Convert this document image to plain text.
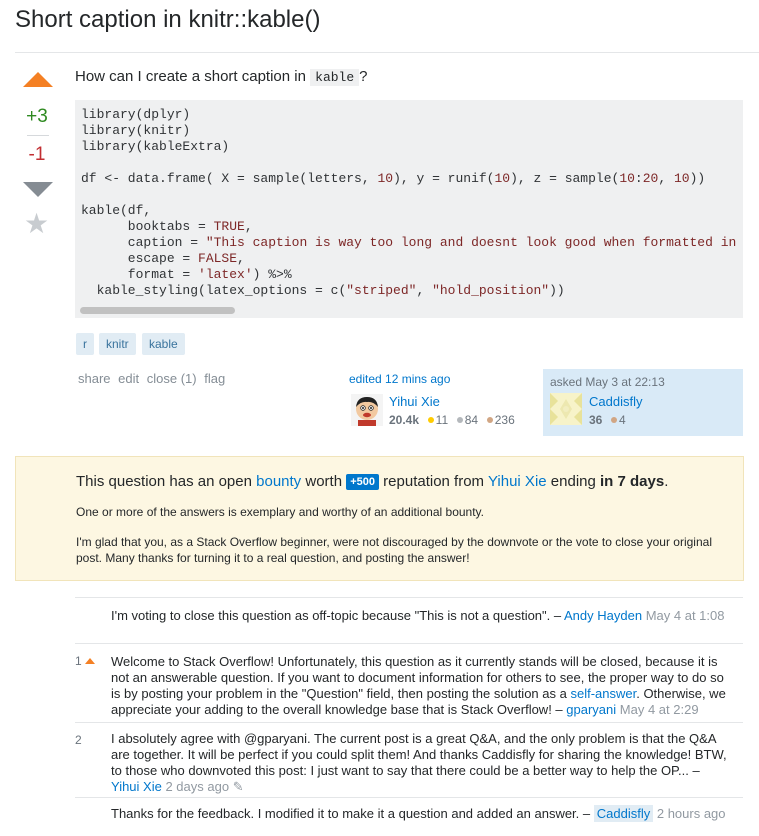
Short caption in knitr::kable()
+3
-1
★
How can I create a short caption in kable ?
library(dplyr)
library(knitr)
library(kableExtra)

df <- data.frame( X = sample(letters, 10), y = runif(10), z = sample(10:20, 10))

kable(df,
booktabs = TRUE,
caption = "This caption is way too long and doesnt look good when formatted in
escape = FALSE,
format = 'latex') %>%
kable_styling(latex_options = c("striped", "hold_position"))
r	knitr	kable
share edit close (1) flag	edited 12 mins ago
Yihui Xie
20.4k 11 84 236
asked May 3 at 22:13
Caddisfly
36 4
This question has an open bounty worth +500 reputation from Yihui Xie ending in 7 days.
One or more of the answers is exemplary and worthy of an additional bounty.
I'm glad that you, as a Stack Overflow beginner, were not discouraged by the downvote or the vote to close your original post. Many thanks for turning it to a real question, and posting the answer!
I'm voting to close this question as off-topic because "This is not a question". – Andy Hayden May 4 at 1:08
1	Welcome to Stack Overflow! Unfortunately, this question as it currently stands will be closed, because it is not an answerable question. If you want to document information for others to see, the proper way to do so is by posting your problem in the "Question" field, then posting the solution as a self-answer. Otherwise, we appreciate your adding to the overall knowledge base that is Stack Overflow! – gparyani May 4 at 2:29
2	I absolutely agree with @gparyani. The current post is a great Q&A, and the only problem is that the Q&A are together. It will be perfect if you could split them! And thanks Caddisfly for sharing the knowledge! BTW, to those who downvoted this post: I just want to say that there could be a better way to help the OP... – Yihui Xie 2 days ago ✎
Thanks for the feedback. I modified it to make it a question and added an answer. – Caddisfly 2 hours ago
